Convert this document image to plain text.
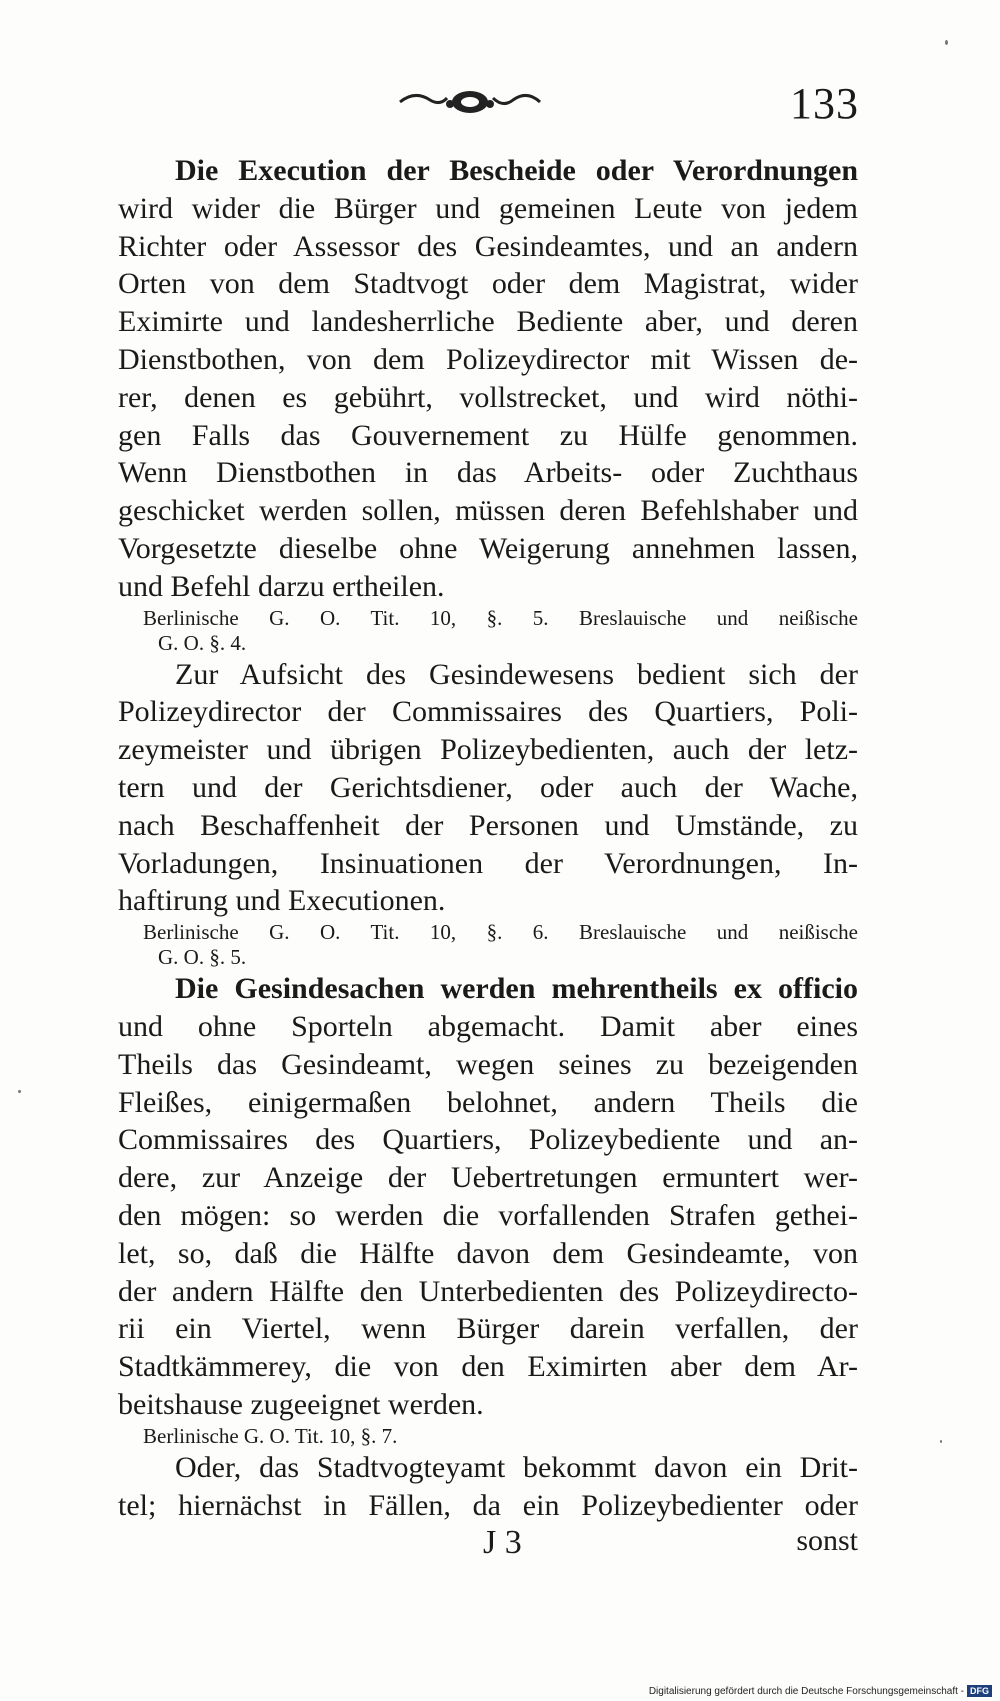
133
Die Execution der Bescheide oder Verordnungen
wird wider die Bürger und gemeinen Leute von jedem
Richter oder Assessor des Gesindeamtes, und an andern
Orten von dem Stadtvogt oder dem Magistrat, wider
Eximirte und landesherrliche Bediente aber, und deren
Dienstbothen, von dem Polizeydirector mit Wissen de-
rer, denen es gebührt, vollstrecket, und wird nöthi-
gen Falls das Gouvernement zu Hülfe genommen.
Wenn Dienstbothen in das Arbeits- oder Zuchthaus
geschicket werden sollen, müssen deren Befehlshaber und
Vorgesetzte dieselbe ohne Weigerung annehmen lassen,
und Befehl darzu ertheilen.
Berlinische G. O. Tit. 10, §. 5. Breslauische und neißische
G. O. §. 4.
Zur Aufsicht des Gesindewesens bedient sich der
Polizeydirector der Commissaires des Quartiers, Poli-
zeymeister und übrigen Polizeybedienten, auch der letz-
tern und der Gerichtsdiener, oder auch der Wache,
nach Beschaffenheit der Personen und Umstände, zu
Vorladungen, Insinuationen der Verordnungen, In-
haftirung und Executionen.
Berlinische G. O. Tit. 10, §. 6. Breslauische und neißische
G. O. §. 5.
Die Gesindesachen werden mehrentheils ex officio
und ohne Sporteln abgemacht. Damit aber eines
Theils das Gesindeamt, wegen seines zu bezeigenden
Fleißes, einigermaßen belohnet, andern Theils die
Commissaires des Quartiers, Polizeybediente und an-
dere, zur Anzeige der Uebertretungen ermuntert wer-
den mögen: so werden die vorfallenden Strafen gethei-
let, so, daß die Hälfte davon dem Gesindeamte, von
der andern Hälfte den Unterbedienten des Polizeydirecto-
rii ein Viertel, wenn Bürger darein verfallen, der
Stadtkämmerey, die von den Eximirten aber dem Ar-
beitshause zugeeignet werden.
Berlinische G. O. Tit. 10, §. 7.
Oder, das Stadtvogteyamt bekommt davon ein Drit-
tel; hiernächst in Fällen, da ein Polizeybedienter oder
J 3	sonst
Digitalisierung gefördert durch die Deutsche Forschungsgemeinschaft - DFG
